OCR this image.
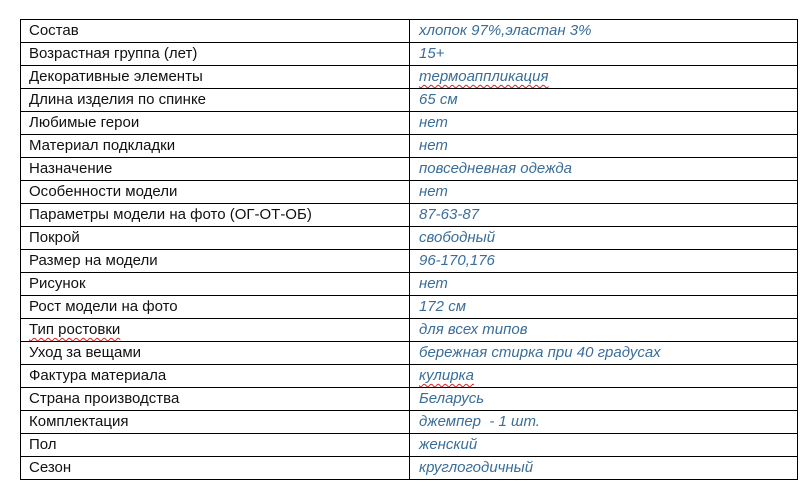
Состав	хлопок 97%,эластан 3%
Возрастная группа (лет)	15+
Декоративные элементы	термоаппликация
Длина изделия по спинке	65 см
Любимые герои	нет
Материал подкладки	нет
Назначение	повседневная одежда
Особенности модели	нет
Параметры модели на фото (ОГ-ОТ-ОБ)	87-63-87
Покрой	свободный
Размер на модели	96-170,176
Рисунок	нет
Рост модели на фото	172 см
Тип ростовки	для всех типов
Уход за вещами	бережная стирка при 40 градусах
Фактура материала	кулирка
Страна производства	Беларусь
Комплектация	джемпер  - 1 шт.
Пол	женский
Сезон	круглогодичный
